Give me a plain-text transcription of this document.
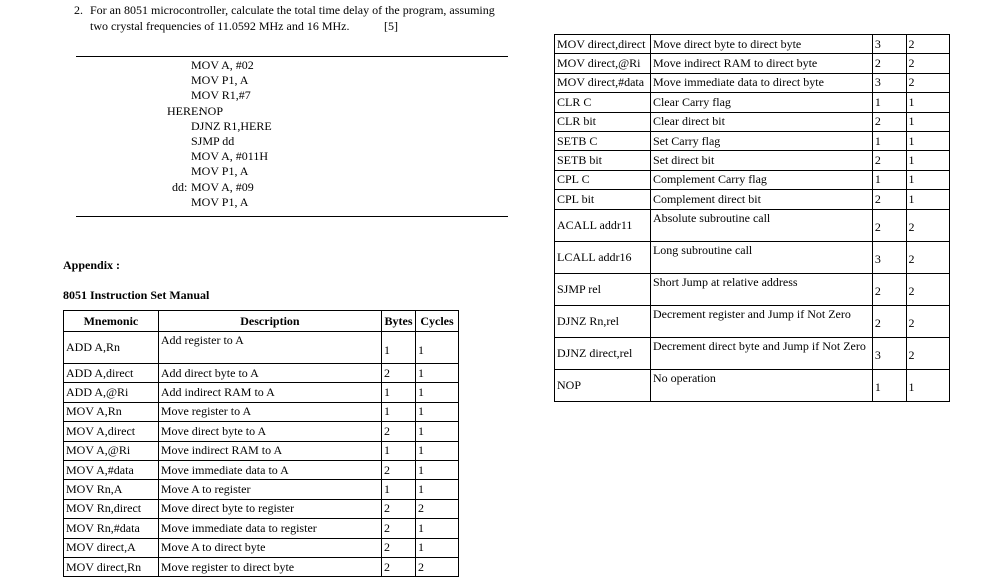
2. For an 8051 microcontroller, calculate the total time delay of the program, assuming
two crystal frequencies of 11.0592 MHz and 16 MHz.	[5]
MOV A, #02
MOV P1, A
MOV R1,#7
HERE:
NOP
DJNZ R1,HERE
SJMP dd
MOV A, #011H
MOV P1, A
dd: MOV A, #09
MOV P1, A
Appendix :
8051 Instruction Set Manual
Mnemonic	Description	Bytes	Cycles
ADD A,Rn	Add register to A	1	1
ADD A,direct	Add direct byte to A	2	1
ADD A,@Ri	Add indirect RAM to A	1	1
MOV A,Rn	Move register to A	1	1
MOV A,direct	Move direct byte to A	2	1
MOV A,@Ri	Move indirect RAM to A	1	1
MOV A,#data	Move immediate data to A	2	1
MOV Rn,A	Move A to register	1	1
MOV Rn,direct	Move direct byte to register	2	2
MOV Rn,#data	Move immediate data to register	2	1
MOV direct,A	Move A to direct byte	2	1
MOV direct,Rn	Move register to direct byte	2	2
MOV direct,direct	Move direct byte to direct byte	3	2
MOV direct,@Ri	Move indirect RAM to direct byte	2	2
MOV direct,#data	Move immediate data to direct byte	3	2
CLR C	Clear Carry flag	1	1
CLR bit	Clear direct bit	2	1
SETB C	Set Carry flag	1	1
SETB bit	Set direct bit	2	1
CPL C	Complement Carry flag	1	1
CPL bit	Complement direct bit	2	1
ACALL addr11	Absolute subroutine call	2	2
LCALL addr16	Long subroutine call	3	2
SJMP rel	Short Jump at relative address	2	2
DJNZ Rn,rel	Decrement register and Jump if Not Zero	2	2
DJNZ direct,rel	Decrement direct byte and Jump if Not Zero	3	2
NOP	No operation	1	1
